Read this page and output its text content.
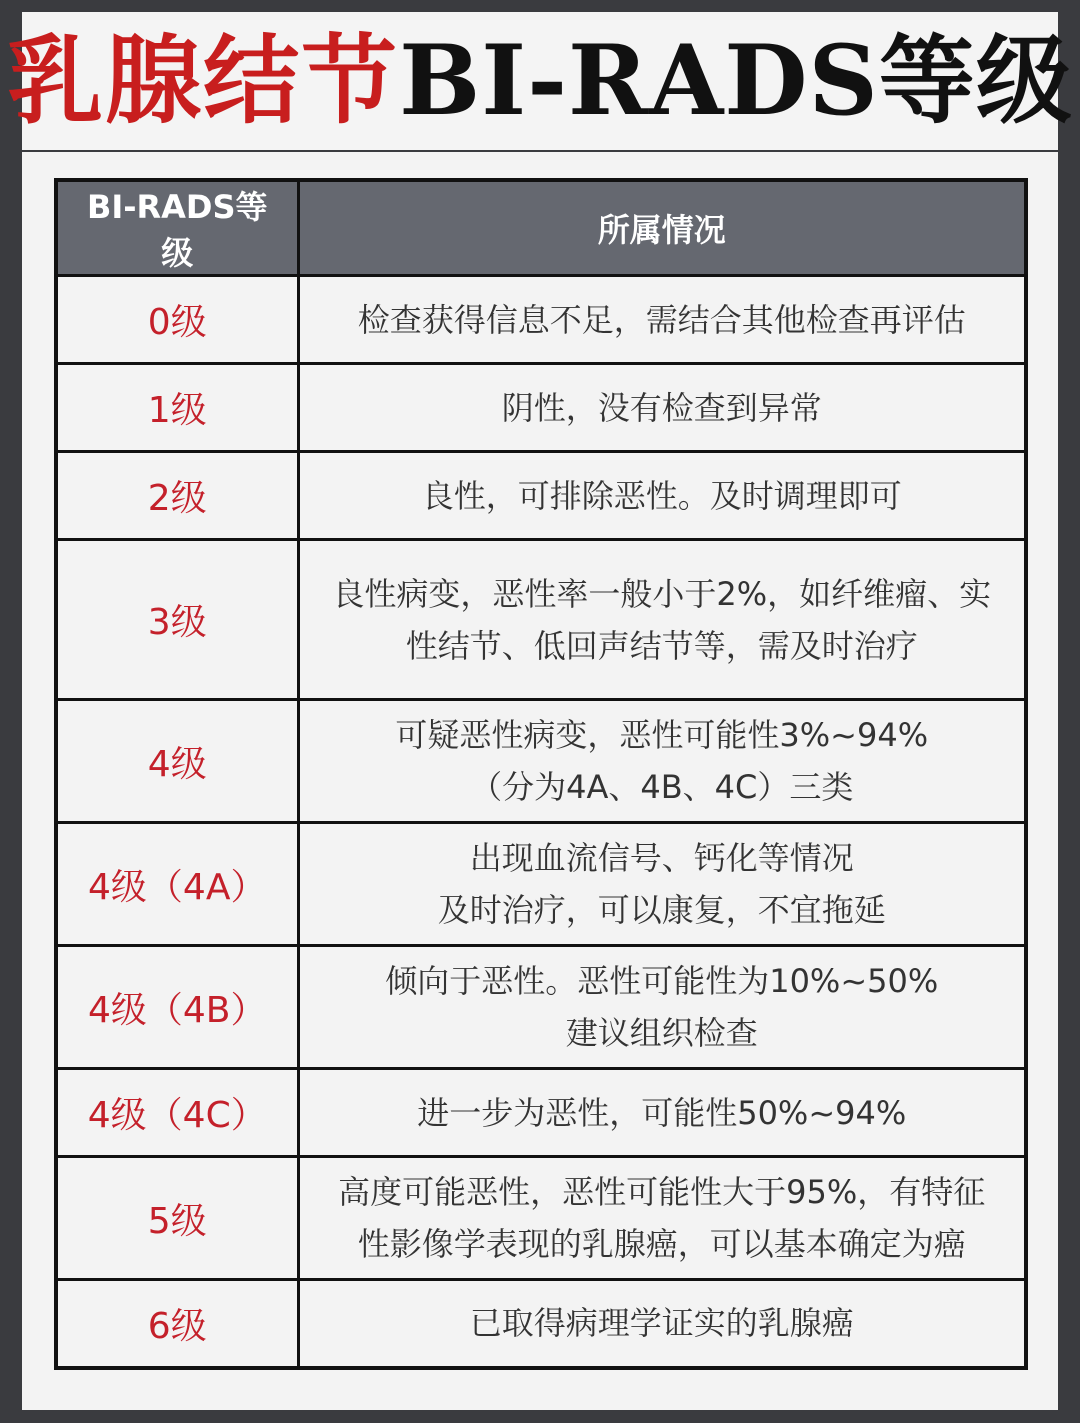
乳腺结节 BI-RADS等级
BI-RADS等级	所属情况
0级	检查获得信息不足，需结合其他检查再评估

1级	阴性，没有检查到异常

2级	良性，可排除恶性。及时调理即可

3级	良性病变，恶性率一般小于2%，如纤维瘤、实
性结节、低回声结节等，需及时治疗

4级	可疑恶性病变，恶性可能性3%~94%
（分为4A、4B、4C）三类

4级（4A）	出现血流信号、钙化等情况
及时治疗，可以康复，不宜拖延

4级（4B）	倾向于恶性。恶性可能性为10%~50%
建议组织检查

4级（4C）	进一步为恶性，可能性50%~94%

5级	高度可能恶性，恶性可能性大于95%，有特征
性影像学表现的乳腺癌，可以基本确定为癌

6级	已取得病理学证实的乳腺癌
